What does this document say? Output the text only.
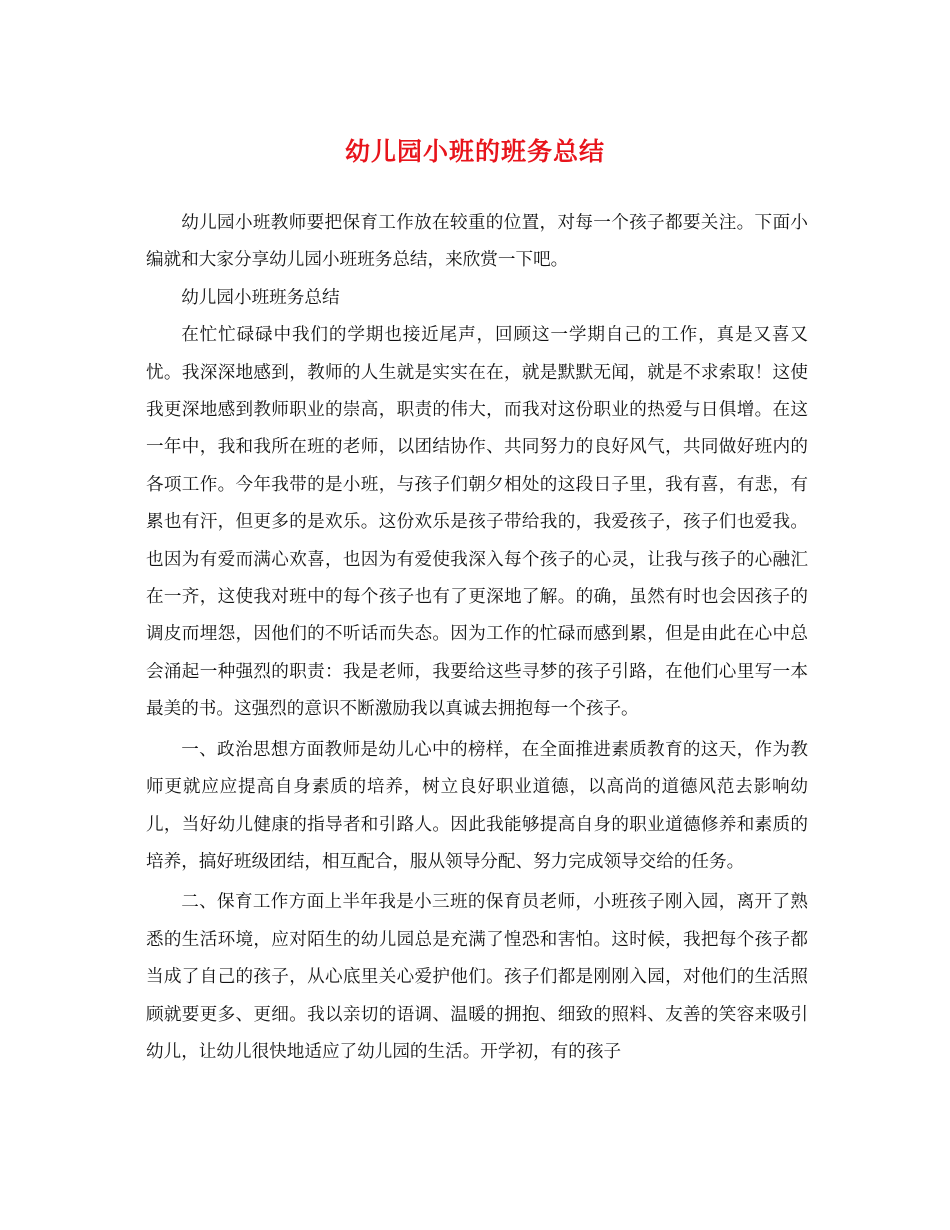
幼儿园小班的班务总结

幼儿园小班教师要把保育工作放在较重的位置，对每一个孩子都要关注。下面小编就和大家分享幼儿园小班班务总结，来欣赏一下吧。

幼儿园小班班务总结

在忙忙碌碌中我们的学期也接近尾声，回顾这一学期自己的工作，真是又喜又忧。我深深地感到，教师的人生就是实实在在，就是默默无闻，就是不求索取！这使我更深地感到教师职业的崇高，职责的伟大，而我对这份职业的热爱与日俱增。在这一年中，我和我所在班的老师，以团结协作、共同努力的良好风气，共同做好班内的各项工作。今年我带的是小班，与孩子们朝夕相处的这段日子里，我有喜，有悲，有累也有汗，但更多的是欢乐。这份欢乐是孩子带给我的，我爱孩子，孩子们也爱我。也因为有爱而满心欢喜，也因为有爱使我深入每个孩子的心灵，让我与孩子的心融汇在一齐，这使我对班中的每个孩子也有了更深地了解。的确，虽然有时也会因孩子的调皮而埋怨，因他们的不听话而失态。因为工作的忙碌而感到累，但是由此在心中总会涌起一种强烈的职责：我是老师，我要给这些寻梦的孩子引路，在他们心里写一本最美的书。这强烈的意识不断激励我以真诚去拥抱每一个孩子。

一、政治思想方面教师是幼儿心中的榜样，在全面推进素质教育的这天，作为教师更就应应提高自身素质的培养，树立良好职业道德，以高尚的道德风范去影响幼儿，当好幼儿健康的指导者和引路人。因此我能够提高自身的职业道德修养和素质的培养，搞好班级团结，相互配合，服从领导分配、努力完成领导交给的任务。

二、保育工作方面上半年我是小三班的保育员老师，小班孩子刚入园，离开了熟悉的生活环境，应对陌生的幼儿园总是充满了惶恐和害怕。这时候，我把每个孩子都当成了自己的孩子，从心底里关心爱护他们。孩子们都是刚刚入园，对他们的生活照顾就要更多、更细。我以亲切的语调、温暖的拥抱、细致的照料、友善的笑容来吸引幼儿，让幼儿很快地适应了幼儿园的生活。开学初，有的孩子
